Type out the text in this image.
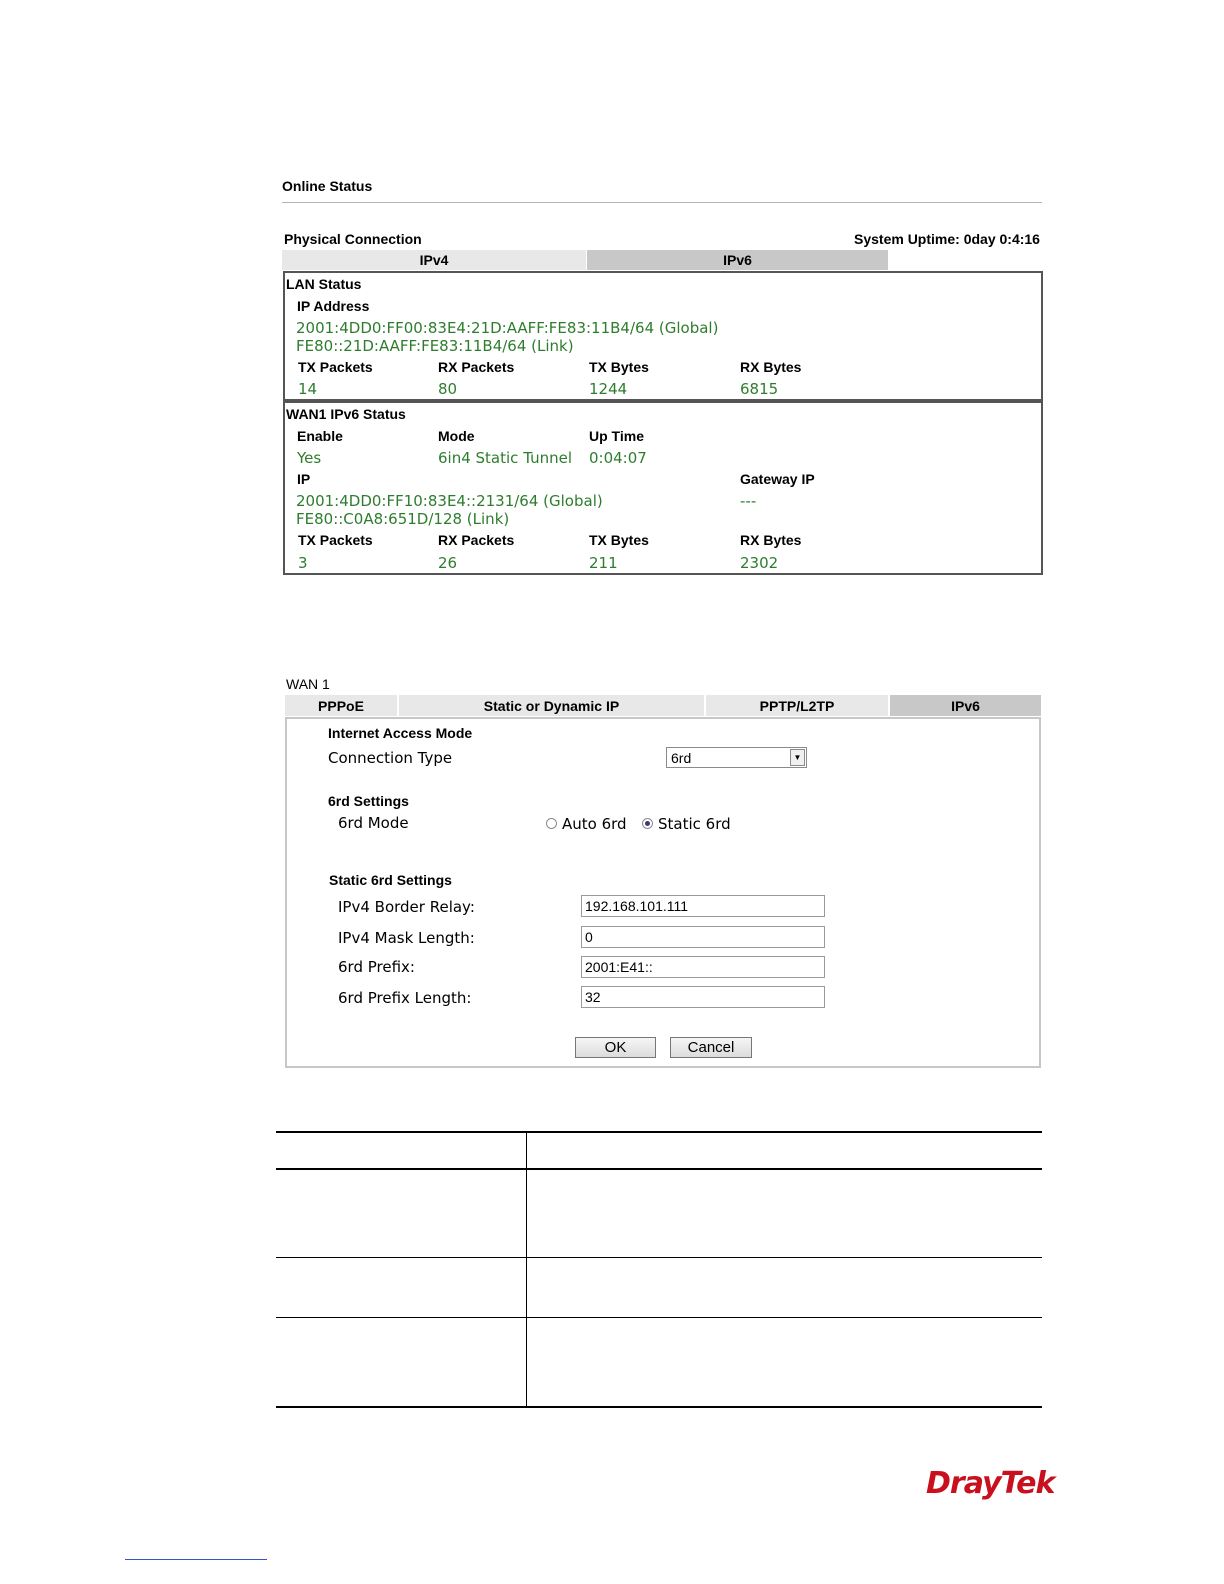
Online Status
Physical Connection	System Uptime: 0day 0:4:16
IPv4	IPv6
LAN Status
IP Address
2001:4DD0:FF00:83E4:21D:AAFF:FE83:11B4/64 (Global)
FE80::21D:AAFF:FE83:11B4/64 (Link)
TX Packets	RX Packets	TX Bytes	RX Bytes
14	80	1244	6815
WAN1 IPv6 Status
Enable	Mode	Up Time
Yes	6in4 Static Tunnel 0:04:07
IP	Gateway IP
2001:4DD0:FF10:83E4::2131/64 (Global)	---
FE80::C0A8:651D/128 (Link)
TX Packets	RX Packets	TX Bytes	RX Bytes
3	26	211	2302
WAN 1
PPPoE	Static or Dynamic IP	PPTP/L2TP	IPv6
Internet Access Mode
Connection Type	6rd	▼
6rd Settings
6rd Mode	Auto 6rd Static 6rd
Static 6rd Settings
IPv4 Border Relay:
192.168.101.111
IPv4 Mask Length:
0
6rd Prefix:
2001:E41::
6rd Prefix Length:
32
OK	Cancel
DrayTek
